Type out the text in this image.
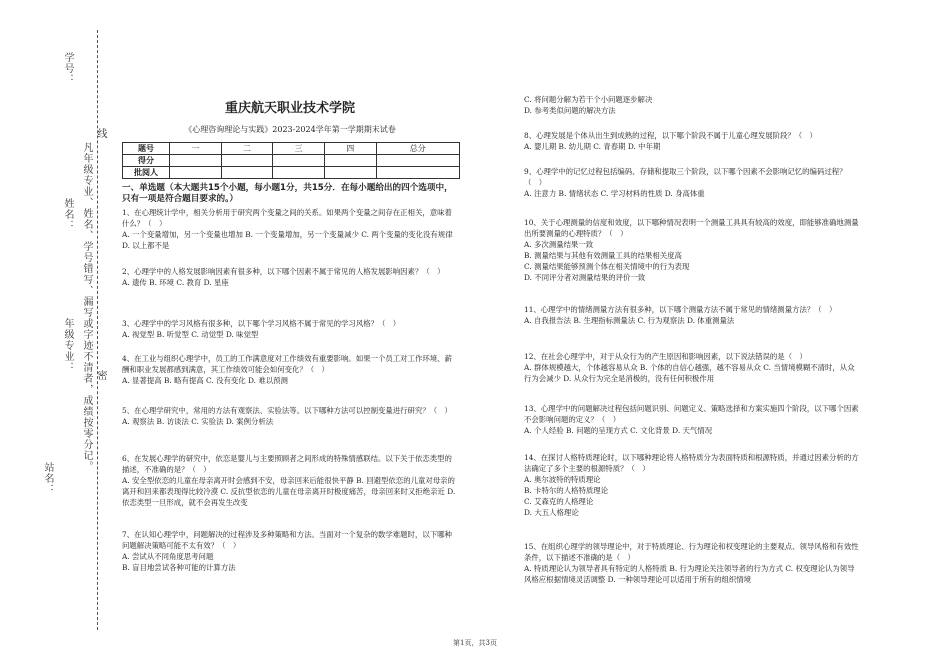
学号：
姓名：
年级专业： 凡年级专业、姓名、学号错写、漏写或字迹不清者，成绩按零分记。
线
密
站名：
重庆航天职业技术学院
《心理咨询理论与实践》2023-2024学年第一学期期末试卷
题号	一	二	三	四	总分
得分					
批阅人					
一、单选题（本大题共15个小题，每小题1分，共15分．在每小题给出的四个选项中，只有一项是符合题目要求的。）
1、在心理统计学中，相关分析用于研究两个变量之间的关系。如果两个变量之间存在正相关，意味着什么？（　）
A. 一个变量增加，另一个变量也增加 B. 一个变量增加，另一个变量减少 C. 两个变量的变化没有规律 D. 以上都不是
2、心理学中的人格发展影响因素有很多种，以下哪个因素不属于常见的人格发展影响因素？（　）
A. 遗传 B. 环境 C. 教育 D. 星座
3、心理学中的学习风格有很多种，以下哪个学习风格不属于常见的学习风格？（　）
A. 视觉型 B. 听觉型 C. 动觉型 D. 味觉型
4、在工业与组织心理学中，员工的工作满意度对工作绩效有重要影响。如果一个员工对工作环境、薪酬和职业发展都感到满意，其工作绩效可能会如何变化？（　）
A. 显著提高 B. 略有提高 C. 没有变化 D. 难以预测
5、在心理学研究中，常用的方法有观察法、实验法等。以下哪种方法可以控制变量进行研究？（　）
A. 观察法 B. 访谈法 C. 实验法 D. 案例分析法
6、在发展心理学的研究中，依恋是婴儿与主要照顾者之间形成的特殊情感联结。以下关于依恋类型的描述，不准确的是？（　）
A. 安全型依恋的儿童在母亲离开时会感到不安，母亲回来后能很快平静 B. 回避型依恋的儿童对母亲的离开和回来都表现得比较冷漠 C. 反抗型依恋的儿童在母亲离开时极度痛苦，母亲回来时又拒绝亲近 D. 依恋类型一旦形成，就不会再发生改变
7、在认知心理学中，问题解决的过程涉及多种策略和方法。当面对一个复杂的数学难题时，以下哪种问题解决策略可能不太有效？（　）
A. 尝试从不同角度思考问题
B. 盲目地尝试各种可能的计算方法
C. 将问题分解为若干个小问题逐步解决
D. 参考类似问题的解决方法
8、心理发展是个体从出生到成熟的过程，以下哪个阶段不属于儿童心理发展阶段？（　）
A. 婴儿期 B. 幼儿期 C. 青春期 D. 中年期
9、心理学中的记忆过程包括编码、存储和提取三个阶段，以下哪个因素不会影响记忆的编码过程？（　）
A. 注意力 B. 情绪状态 C. 学习材料的性质 D. 身高体重
10、关于心理测量的信度和效度，以下哪种情况表明一个测量工具具有较高的效度，即能够准确地测量出所要测量的心理特质？（　）
A. 多次测量结果一致
B. 测量结果与其他有效测量工具的结果相关度高
C. 测量结果能够预测个体在相关情境中的行为表现
D. 不同评分者对测量结果的评价一致
11、心理学中的情绪测量方法有很多种，以下哪个测量方法不属于常见的情绪测量方法？（　）
A. 自我报告法 B. 生理指标测量法 C. 行为观察法 D. 体重测量法
12、在社会心理学中，对于从众行为的产生原因和影响因素，以下说法错误的是（　）
A. 群体规模越大，个体越容易从众 B. 个体的自信心越强，越不容易从众 C. 当情境模糊不清时，从众行为会减少 D. 从众行为完全是消极的，没有任何积极作用
13、心理学中的问题解决过程包括问题识别、问题定义、策略选择和方案实施四个阶段，以下哪个因素不会影响问题的定义？（　）
A. 个人经验 B. 问题的呈现方式 C. 文化背景 D. 天气情况
14、在探讨人格特质理论时，以下哪种理论将人格特质分为表面特质和根源特质，并通过因素分析的方法确定了多个主要的根源特质？（　）
A. 奥尔波特的特质理论
B. 卡特尔的人格特质理论
C. 艾森克的人格理论
D. 大五人格理论
15、在组织心理学的领导理论中，对于特质理论、行为理论和权变理论的主要观点、领导风格和有效性条件，以下描述不准确的是（　）
A. 特质理论认为领导者具有特定的人格特质 B. 行为理论关注领导者的行为方式 C. 权变理论认为领导风格应根据情境灵活调整 D. 一种领导理论可以适用于所有的组织情境
第1页，共3页
